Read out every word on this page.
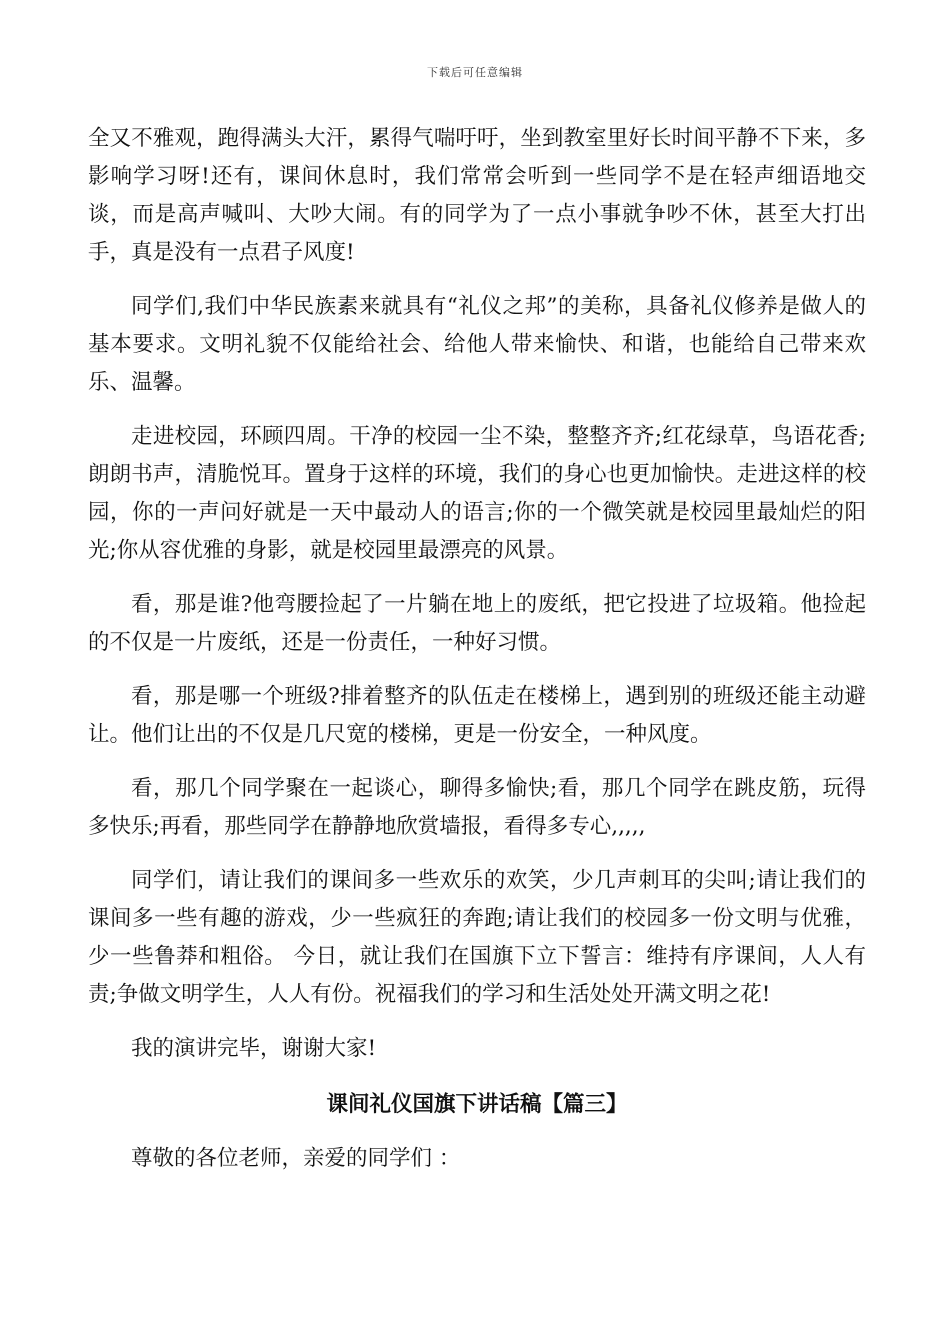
下载后可任意编辑

全又不雅观，跑得满头大汗，累得气喘吁吁，坐到教室里好长时间平静不下来，多影响学习呀!还有，课间休息时，我们常常会听到一些同学不是在轻声细语地交谈，而是高声喊叫、大吵大闹。有的同学为了一点小事就争吵不休，甚至大打出手，真是没有一点君子风度!

同学们,我们中华民族素来就具有“礼仪之邦”的美称，具备礼仪修养是做人的基本要求。文明礼貌不仅能给社会、给他人带来愉快、和谐，也能给自己带来欢乐、温馨。

走进校园，环顾四周。干净的校园一尘不染，整整齐齐;红花绿草，鸟语花香;朗朗书声，清脆悦耳。置身于这样的环境，我们的身心也更加愉快。走进这样的校园，你的一声问好就是一天中最动人的语言;你的一个微笑就是校园里最灿烂的阳光;你从容优雅的身影，就是校园里最漂亮的风景。

看，那是谁?他弯腰捡起了一片躺在地上的废纸，把它投进了垃圾箱。他捡起的不仅是一片废纸，还是一份责任，一种好习惯。

看，那是哪一个班级?排着整齐的队伍走在楼梯上，遇到别的班级还能主动避让。他们让出的不仅是几尺宽的楼梯，更是一份安全，一种风度。

看，那几个同学聚在一起谈心，聊得多愉快;看，那几个同学在跳皮筋，玩得多快乐;再看，那些同学在静静地欣赏墙报，看得多专心,,,,,

同学们，请让我们的课间多一些欢乐的欢笑，少几声刺耳的尖叫;请让我们的课间多一些有趣的游戏，少一些疯狂的奔跑;请让我们的校园多一份文明与优雅，少一些鲁莽和粗俗。 今日，就让我们在国旗下立下誓言：维持有序课间，人人有责;争做文明学生，人人有份。祝福我们的学习和生活处处开满文明之花!

我的演讲完毕，谢谢大家!

课间礼仪国旗下讲话稿【篇三】

尊敬的各位老师，亲爱的同学们 ：
